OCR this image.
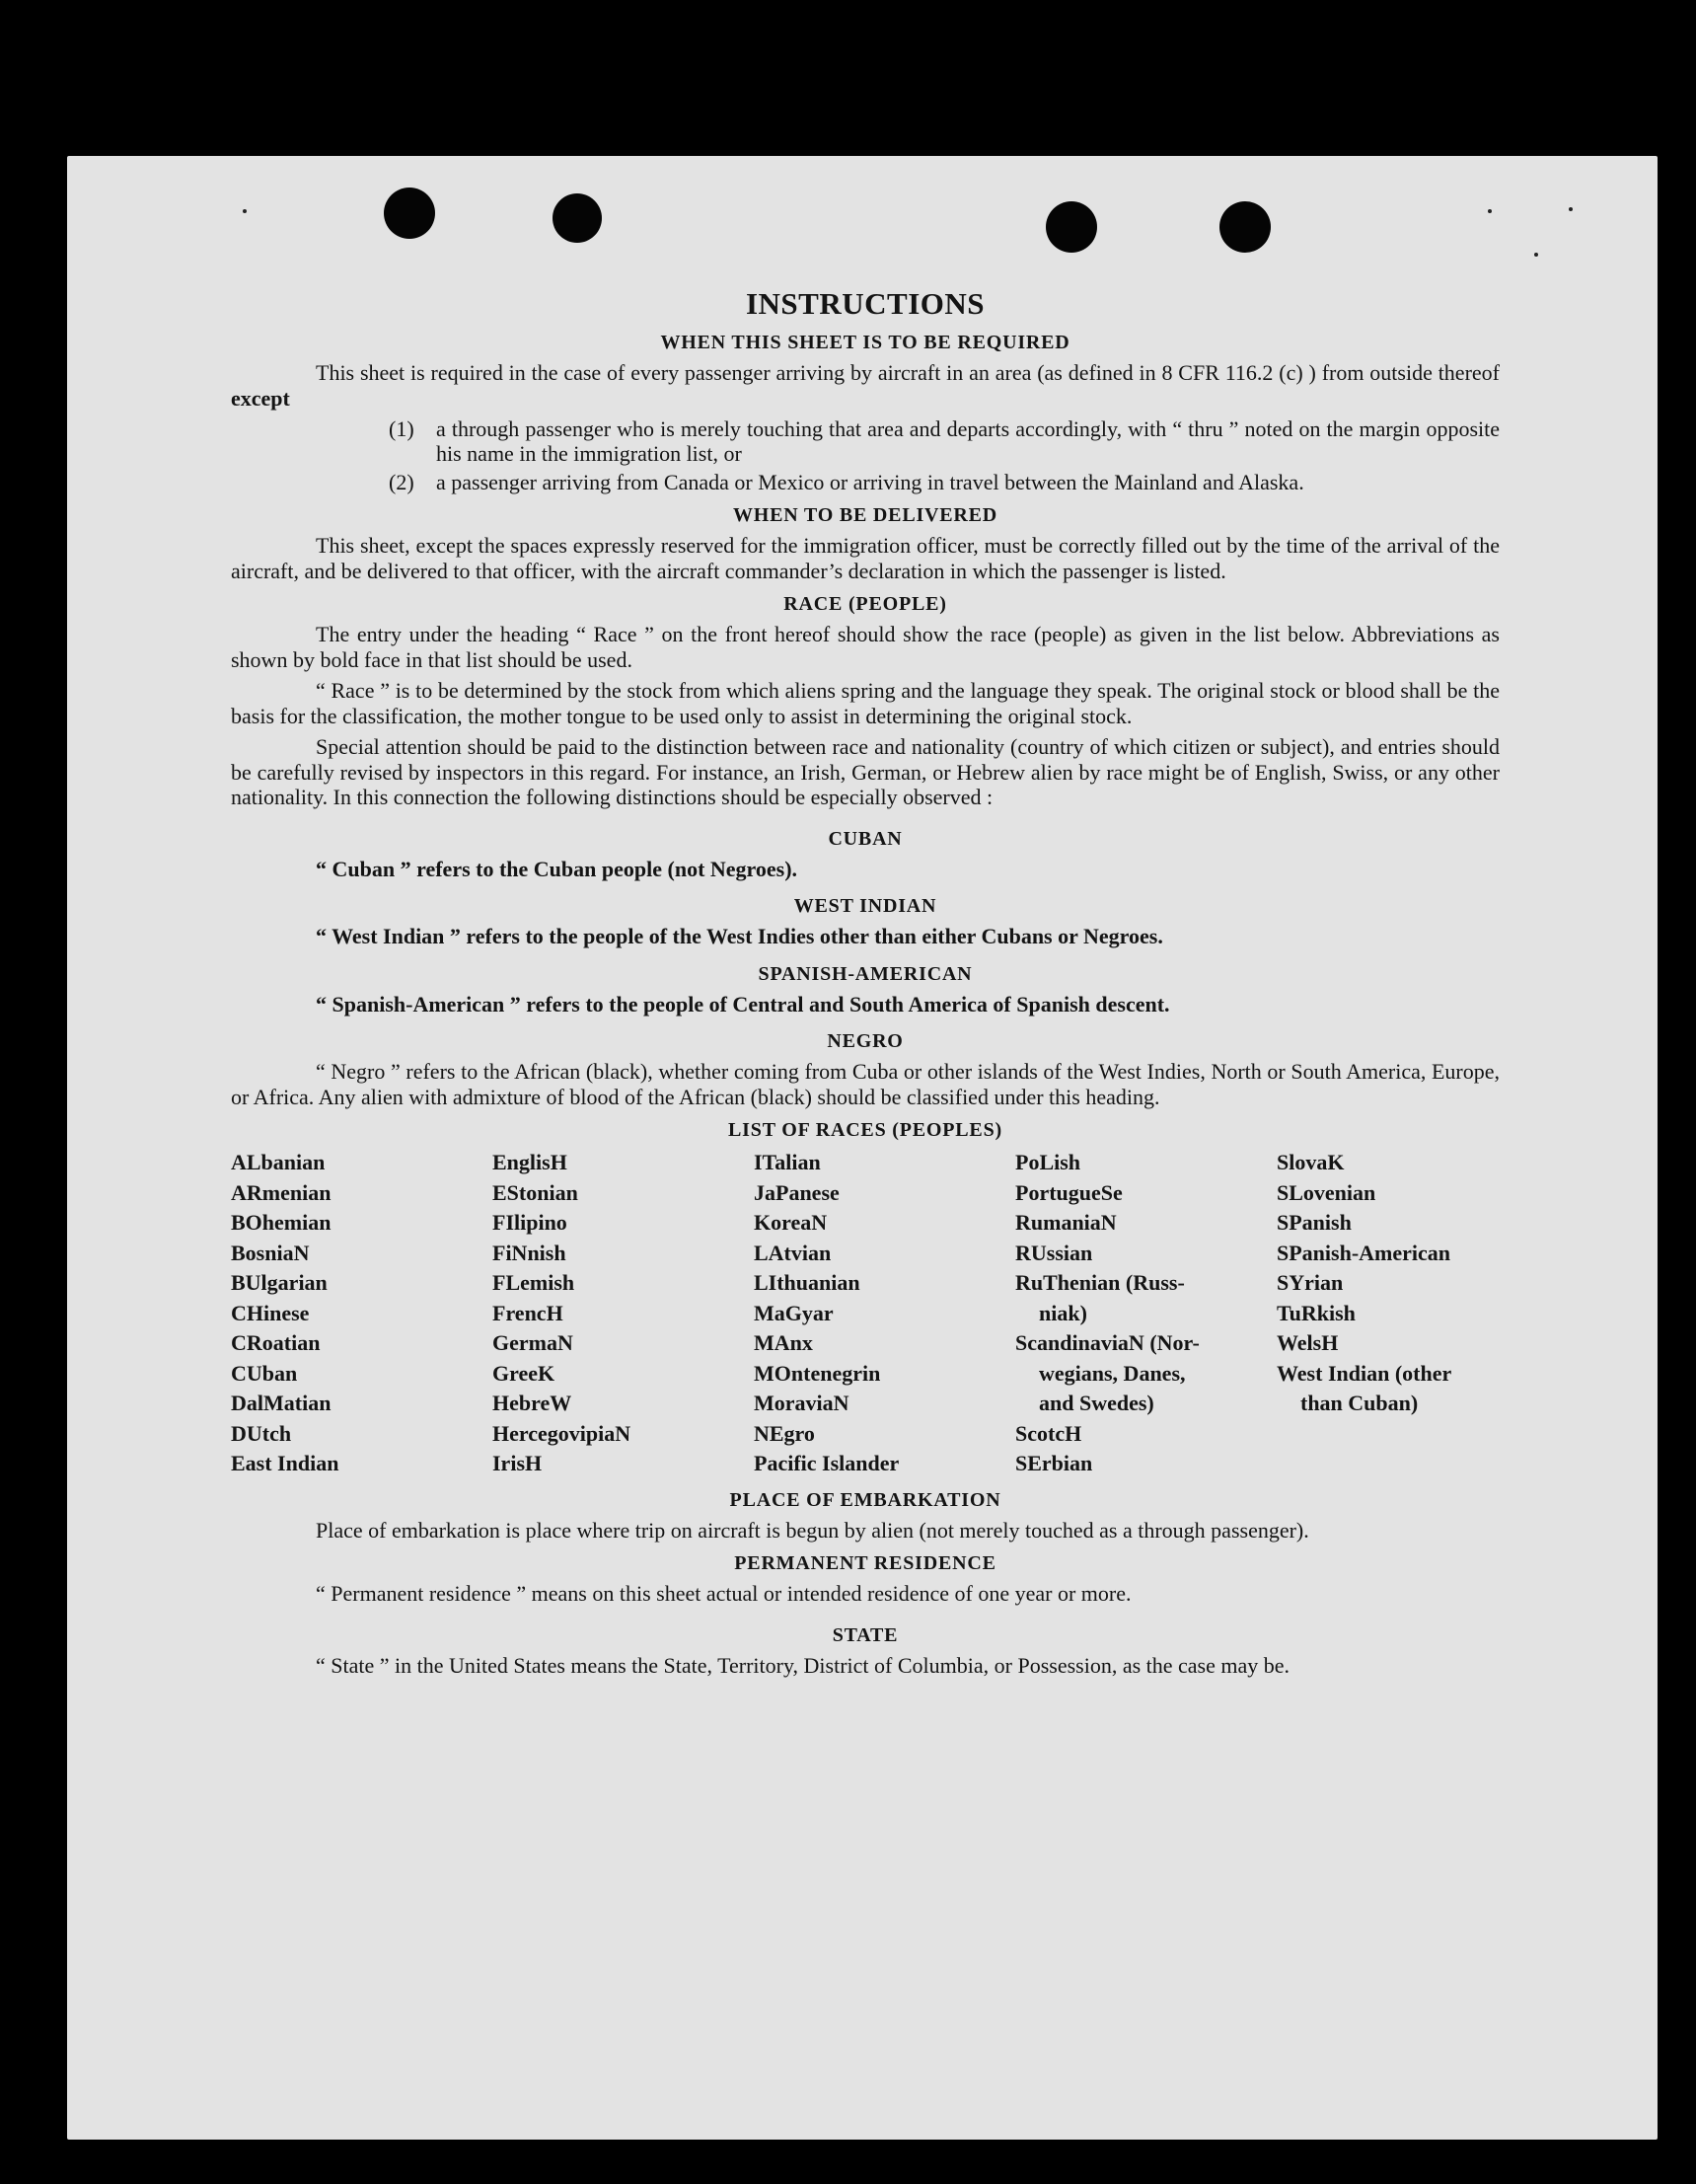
INSTRUCTIONS
WHEN THIS SHEET IS TO BE REQUIRED
This sheet is required in the case of every passenger arriving by aircraft in an area (as defined in 8 CFR 116.2 (c) ) from outside thereof except
(1)	a through passenger who is merely touching that area and departs accordingly, with “ thru ” noted on the margin opposite his name in the immigration list, or
(2)	a passenger arriving from Canada or Mexico or arriving in travel between the Mainland and Alaska.
WHEN TO BE DELIVERED
This sheet, except the spaces expressly reserved for the immigration officer, must be correctly filled out by the time of the arrival of the aircraft, and be delivered to that officer, with the aircraft commander’s declaration in which the passenger is listed.
RACE (PEOPLE)
The entry under the heading “ Race ” on the front hereof should show the race (people) as given in the list below. Abbreviations as shown by bold face in that list should be used.
“ Race ” is to be determined by the stock from which aliens spring and the language they speak. The original stock or blood shall be the basis for the classification, the mother tongue to be used only to assist in determining the original stock.
Special attention should be paid to the distinction between race and nationality (country of which citizen or subject), and entries should be carefully revised by inspectors in this regard. For instance, an Irish, German, or Hebrew alien by race might be of English, Swiss, or any other nationality. In this connection the following distinctions should be especially observed :
CUBAN
“ Cuban ” refers to the Cuban people (not Negroes).
WEST INDIAN
“ West Indian ” refers to the people of the West Indies other than either Cubans or Negroes.
SPANISH-AMERICAN
“ Spanish-American ” refers to the people of Central and South America of Spanish descent.
NEGRO
“ Negro ” refers to the African (black), whether coming from Cuba or other islands of the West Indies, North or South America, Europe, or Africa. Any alien with admixture of blood of the African (black) should be classified under this heading.
LIST OF RACES (PEOPLES)
ALbanian
ARmenian
BOhemian
BosniaN
BUlgarian
CHinese
CRoatian
CUban
DalMatian
DUtch
East Indian
EnglisH
EStonian
FIlipino
FiNnish
FLemish
FrencH
GermaN
GreeK
HebreW
HercegovipiaN
IrisH
ITalian
JaPanese
KoreaN
LAtvian
LIthuanian
MaGyar
MAnx
MOntenegrin
MoraviaN
NEgro
Pacific Islander
PoLish
PortugueSe
RumaniaN
RUssian
RuThenian (Russ-
niak)
ScandinaviaN (Nor-
wegians, Danes,
and Swedes)
ScotcH
SErbian
SlovaK
SLovenian
SPanish
SPanish-American
SYrian
TuRkish
WelsH
West Indian (other
than Cuban)
PLACE OF EMBARKATION
Place of embarkation is place where trip on aircraft is begun by alien (not merely touched as a through passenger).
PERMANENT RESIDENCE
“ Permanent residence ” means on this sheet actual or intended residence of one year or more.
STATE
“ State ” in the United States means the State, Territory, District of Columbia, or Possession, as the case may be.
